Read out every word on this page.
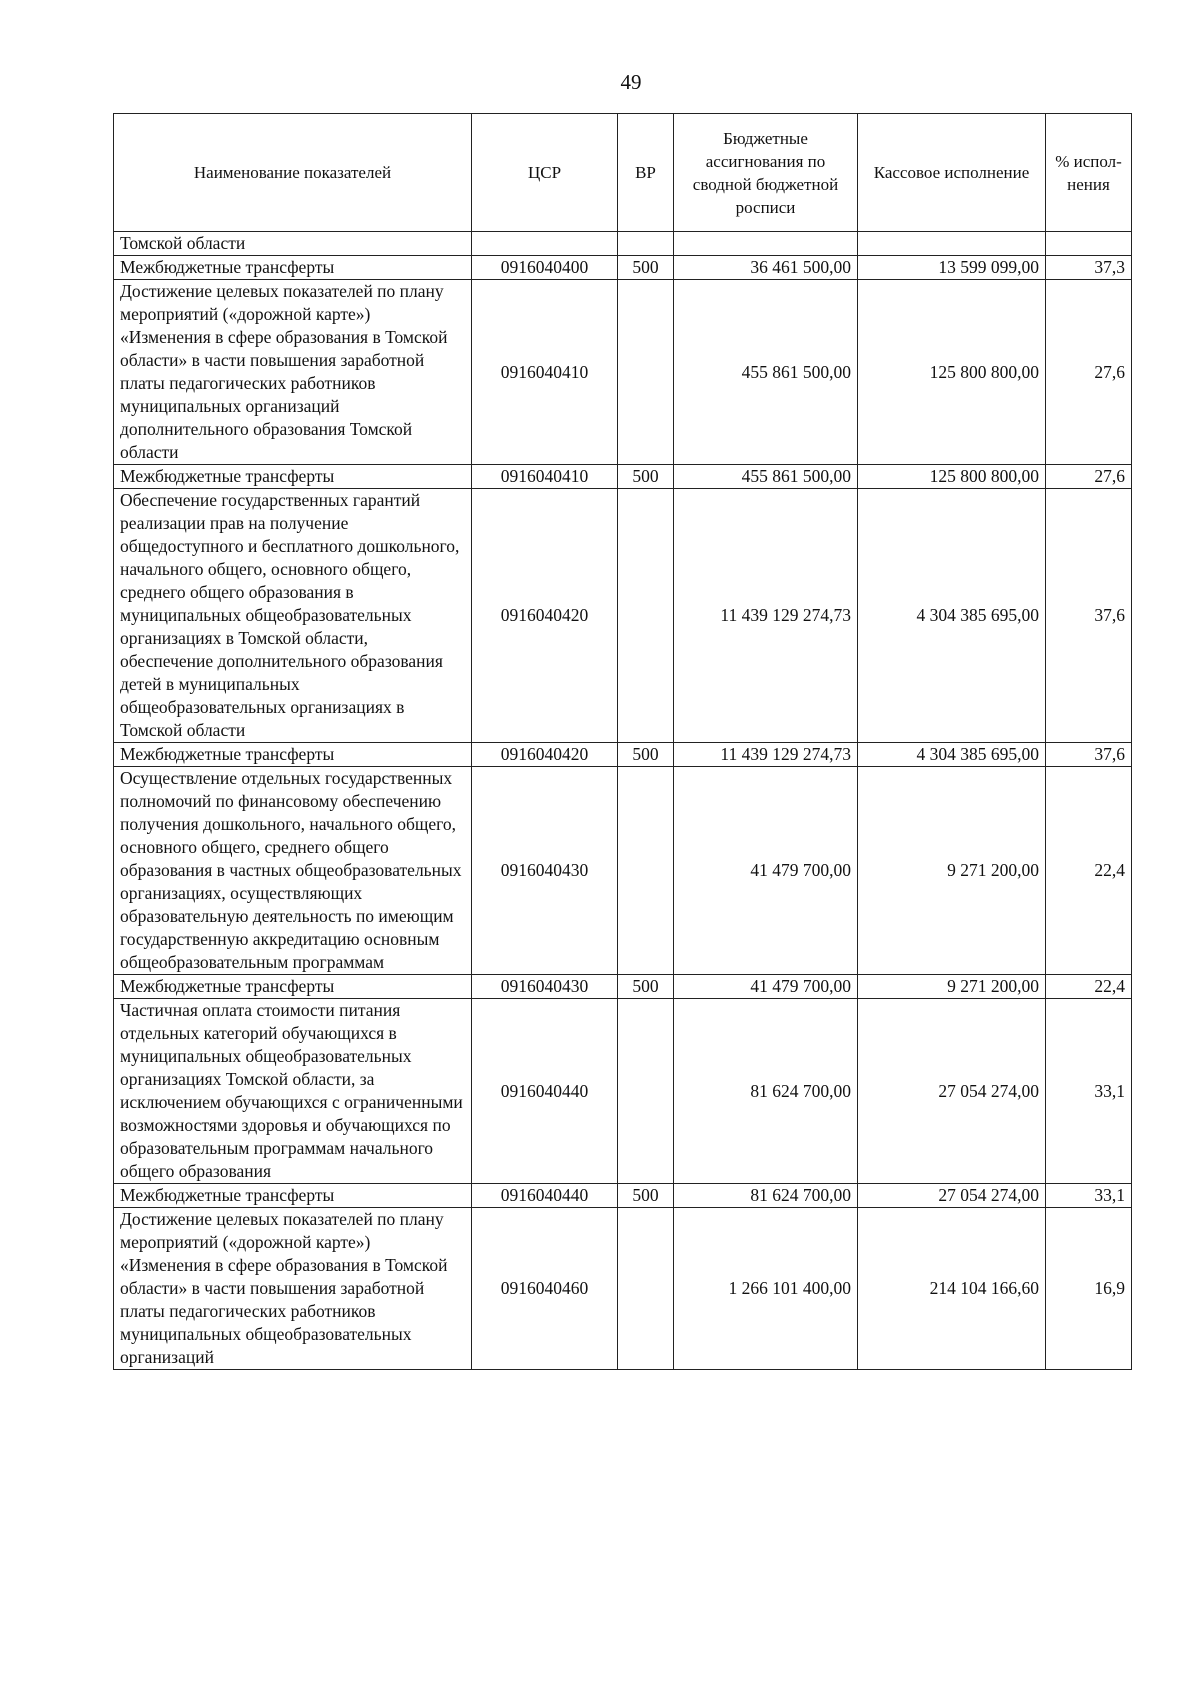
49
Наименование показателей	ЦСР	ВР	Бюджетные ассигнования по сводной бюджетной росписи	Кассовое исполнение	% испол-нения
Томской области					
Межбюджетные трансферты	0916040400	500	36 461 500,00	13 599 099,00	37,3
Достижение целевых показателей по плану мероприятий («дорожной карте») «Изменения в сфере образования в Томской области» в части повышения заработной платы педагогических работников муниципальных организаций дополнительного образования Томской области	0916040410		455 861 500,00	125 800 800,00	27,6
Межбюджетные трансферты	0916040410	500	455 861 500,00	125 800 800,00	27,6
Обеспечение государственных гарантий реализации прав на получение общедоступного и бесплатного дошкольного, начального общего, основного общего, среднего общего образования в муниципальных общеобразовательных организациях в Томской области, обеспечение дополнительного образования детей в муниципальных общеобразовательных организациях в Томской области	0916040420		11 439 129 274,73	4 304 385 695,00	37,6
Межбюджетные трансферты	0916040420	500	11 439 129 274,73	4 304 385 695,00	37,6
Осуществление отдельных государственных полномочий по финансовому обеспечению получения дошкольного, начального общего, основного общего, среднего общего образования в частных общеобразовательных организациях, осуществляющих образовательную деятельность по имеющим государственную аккредитацию основным общеобразовательным программам	0916040430		41 479 700,00	9 271 200,00	22,4
Межбюджетные трансферты	0916040430	500	41 479 700,00	9 271 200,00	22,4
Частичная оплата стоимости питания отдельных категорий обучающихся в муниципальных общеобразовательных организациях Томской области, за исключением обучающихся с ограниченными возможностями здоровья и обучающихся по образовательным программам начального общего образования	0916040440		81 624 700,00	27 054 274,00	33,1
Межбюджетные трансферты	0916040440	500	81 624 700,00	27 054 274,00	33,1
Достижение целевых показателей по плану мероприятий («дорожной карте») «Изменения в сфере образования в Томской области» в части повышения заработной платы педагогических работников муниципальных общеобразовательных организаций	0916040460		1 266 101 400,00	214 104 166,60	16,9
